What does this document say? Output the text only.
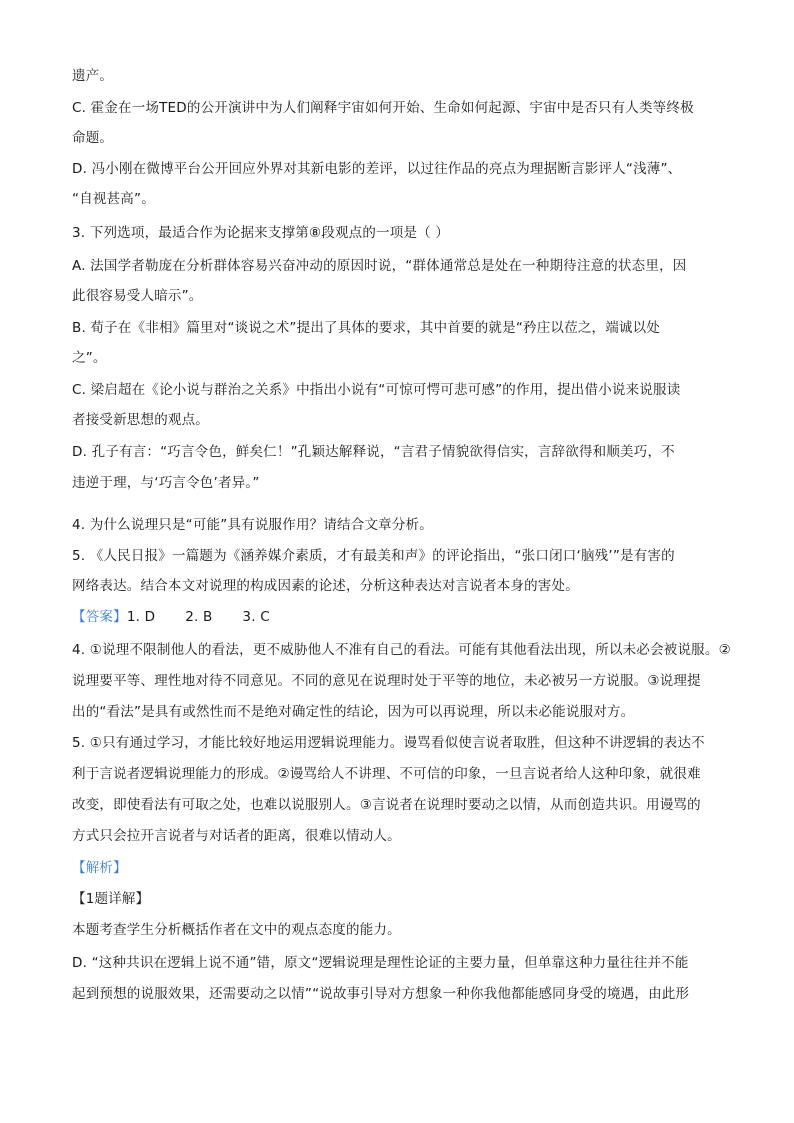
遗产。
C. 霍金在一场TED的公开演讲中为人们阐释宇宙如何开始、生命如何起源、宇宙中是否只有人类等终极
命题。
D. 冯小刚在微博平台公开回应外界对其新电影的差评，以过往作品的亮点为理据断言影评人“浅薄”、
“自视甚高”。
3. 下列选项，最适合作为论据来支撑第⑧段观点的一项是（ ）
A. 法国学者勒庞在分析群体容易兴奋冲动的原因时说，“群体通常总是处在一种期待注意的状态里，因
此很容易受人暗示”。
B. 荀子在《非相》篇里对“谈说之术”提出了具体的要求，其中首要的就是“矜庄以莅之，端诚以处
之”。
C. 梁启超在《论小说与群治之关系》中指出小说有“可惊可愕可悲可感”的作用，提出借小说来说服读
者接受新思想的观点。
D. 孔子有言：“巧言令色，鲜矣仁！”孔颖达解释说，“言君子情貌欲得信实，言辞欲得和顺美巧，不
违逆于理，与‘巧言令色’者异。”
4. 为什么说理只是“可能”具有说服作用？请结合文章分析。
5. 《人民日报》一篇题为《涵养媒介素质，才有最美和声》的评论指出，“张口闭口‘脑残’”是有害的
网络表达。结合本文对说理的构成因素的论述，分析这种表达对言说者本身的害处。
【答案】1. D 2. B 3. C
4. ①说理不限制他人的看法，更不威胁他人不准有自己的看法。可能有其他看法出现，所以未必会被说服。②
说理要平等、理性地对待不同意见。不同的意见在说理时处于平等的地位，未必被另一方说服。③说理提
出的“看法”是具有或然性而不是绝对确定性的结论，因为可以再说理，所以未必能说服对方。
5. ①只有通过学习，才能比较好地运用逻辑说理能力。谩骂看似使言说者取胜，但这种不讲逻辑的表达不
利于言说者逻辑说理能力的形成。②谩骂给人不讲理、不可信的印象，一旦言说者给人这种印象，就很难
改变，即使看法有可取之处，也难以说服别人。③言说者在说理时要动之以情，从而创造共识。用谩骂的
方式只会拉开言说者与对话者的距离，很难以情动人。
【解析】
【1题详解】
本题考查学生分析概括作者在文中的观点态度的能力。
D. “这种共识在逻辑上说不通”错，原文“逻辑说理是理性论证的主要力量，但单靠这种力量往往并不能
起到预想的说服效果，还需要动之以情”“说故事引导对方想象一种你我他都能感同身受的境遇，由此形
